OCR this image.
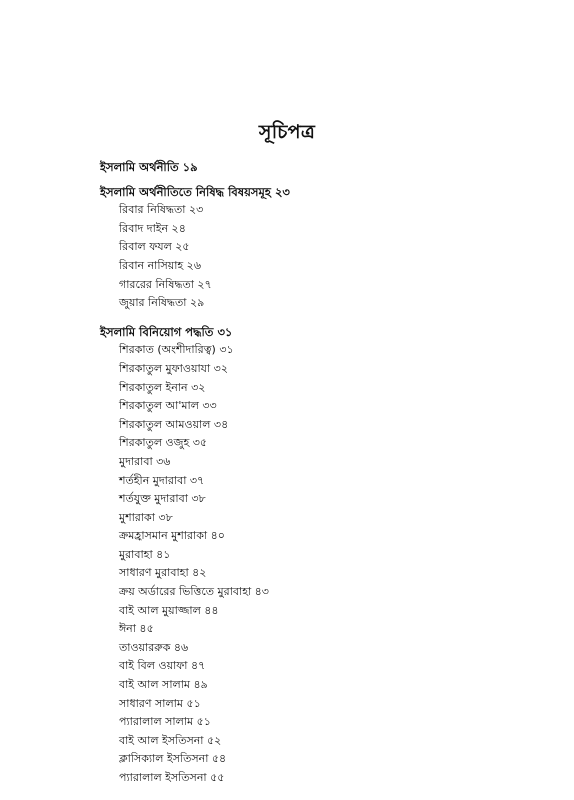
সূচিপত্র
ইসলামি অর্থনীতি ১৯
ইসলামি অর্থনীতিতে নিষিদ্ধ বিষয়সমূহ ২৩
রিবার নিষিদ্ধতা ২৩
রিবাদ দাইন ২৪
রিবাল ফযল ২৫
রিবান নাসিয়াহ ২৬
গাররের নিষিদ্ধতা ২৭
জুয়ার নিষিদ্ধতা ২৯
ইসলামি বিনিয়োগ পদ্ধতি ৩১
শিরকাত (অংশীদারিত্ব) ৩১
শিরকাতুল মুফাওয়াযা ৩২
শিরকাতুল ইনান ৩২
শিরকাতুল আ'মাল ৩৩
শিরকাতুল আমওয়াল ৩৪
শিরকাতুল ওজুহ ৩৫
মুদারাবা ৩৬
শর্তহীন মুদারাবা ৩৭
শর্তযুক্ত মুদারাবা ৩৮
মুশারাকা ৩৮
ক্রমহ্রাসমান মুশারাকা ৪০
মুরাবাহা ৪১
সাধারণ মুরাবাহা ৪২
ক্রয় অর্ডারের ভিত্তিতে মুরাবাহা ৪৩
বাই আল মুয়াজ্জাল ৪৪
ঈনা ৪৫
তাওয়াররুক ৪৬
বাই বিল ওয়াফা ৪৭
বাই আল সালাম ৪৯
সাধারণ সালাম ৫১
প্যারালাল সালাম ৫১
বাই আল ইসতিসনা ৫২
ক্লাসিক্যাল ইসতিসনা ৫৪
প্যারালাল ইসতিসনা ৫৫
